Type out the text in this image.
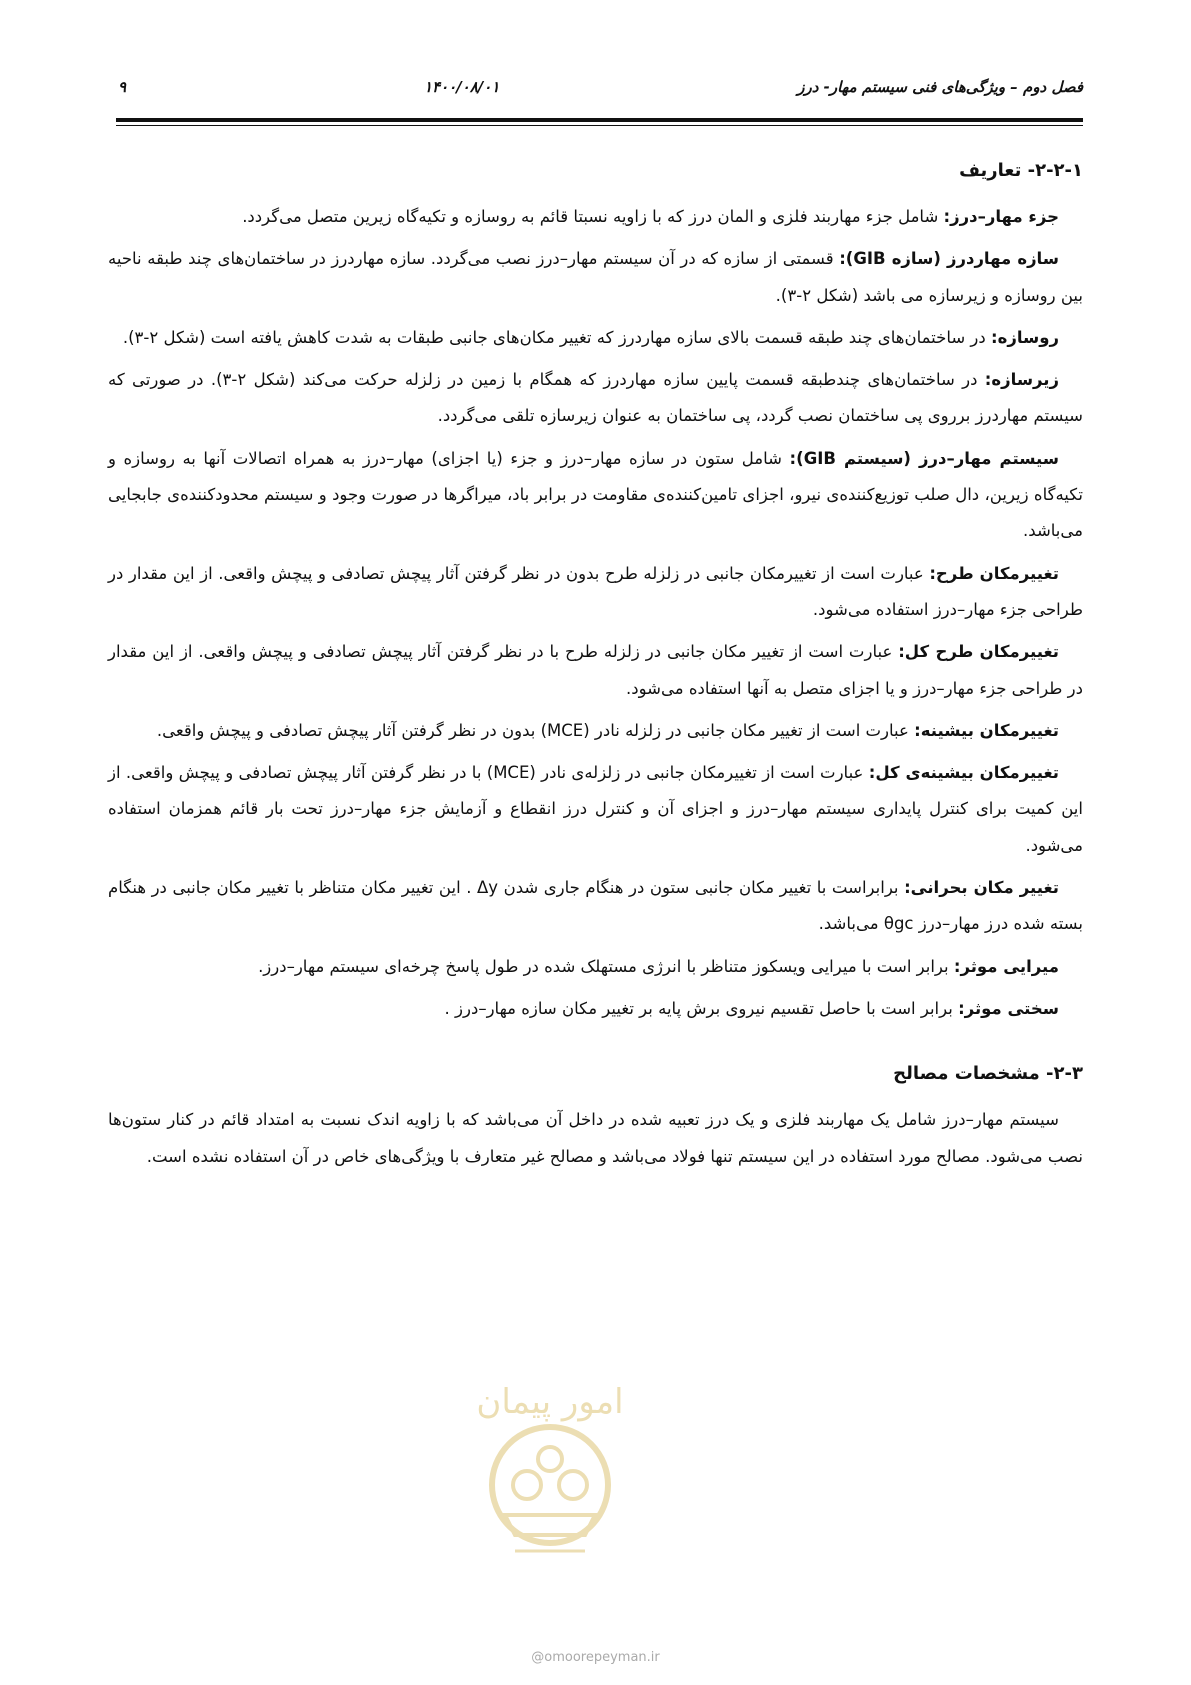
فصل دوم – ویژگی‌های فنی سیستم مهار- درز
۱۴۰۰/۰۸/۰۱
۹
۲-۲-۱- تعاریف

جزء مهار–درز: شامل جزء مهاربند فلزی و المان درز که با زاویه نسبتا قائم به روسازه و تکیه‌گاه زیرین متصل می‌گردد.

سازه مهاردرز (سازه GIB): قسمتی از سازه که در آن سیستم مهار–درز نصب می‌گردد. سازه مهاردرز در ساختمان‌های چند طبقه ناحیه بین روسازه و زیرسازه می باشد (شکل ۲-۳).

روسازه: در ساختمان‌های چند طبقه قسمت بالای سازه مهاردرز که تغییر مکان‌های جانبی طبقات به شدت کاهش یافته است (شکل ۲-۳).

زیرسازه: در ساختمان‌های چندطبقه قسمت پایین سازه مهاردرز که همگام با زمین در زلزله حرکت می‌کند (شکل ۲-۳). در صورتی که سیستم مهاردرز برروی پی ساختمان نصب گردد، پی ساختمان به عنوان زیرسازه تلقی می‌گردد.

سیستم مهار–درز (سیستم GIB): شامل ستون در سازه مهار–درز و جزء (یا اجزای) مهار–درز به همراه اتصالات آنها به روسازه و تکیه‌گاه زیرین، دال صلب توزیع‌کننده‌ی نیرو، اجزای تامین‌کننده‌ی مقاومت در برابر باد، میراگرها در صورت وجود و سیستم محدودکننده‌ی جابجایی می‌باشد.

تغییرمکان طرح: عبارت است از تغییرمکان جانبی در زلزله طرح بدون در نظر گرفتن آثار پیچش تصادفی و پیچش واقعی. از این مقدار در طراحی جزء مهار–درز استفاده می‌شود.

تغییرمکان طرح کل: عبارت است از تغییر مکان جانبی در زلزله طرح با در نظر گرفتن آثار پیچش تصادفی و پیچش واقعی. از این مقدار در طراحی جزء مهار–درز و یا اجزای متصل به آنها استفاده می‌شود.

تغییرمکان بیشینه: عبارت است از تغییر مکان جانبی در زلزله نادر (MCE) بدون در نظر گرفتن آثار پیچش تصادفی و پیچش واقعی.

تغییرمکان بیشینه‌ی کل: عبارت است از تغییرمکان جانبی در زلزله‌ی نادر (MCE) با در نظر گرفتن آثار پیچش تصادفی و پیچش واقعی. از این کمیت برای کنترل پایداری سیستم مهار–درز و اجزای آن و کنترل درز انقطاع و آزمایش جزء مهار–درز تحت بار قائم همزمان استفاده می‌شود.

تغییر مکان بحرانی: برابراست با تغییر مکان جانبی ستون در هنگام جاری شدن Δy . این تغییر مکان متناظر با تغییر مکان جانبی در هنگام بسته شده درز مهار–درز θgc می‌باشد.

میرایی موثر: برابر است با میرایی ویسکوز متناظر با انرژی مستهلک شده در طول پاسخ چرخه‌ای سیستم مهار–درز.

سختی موثر: برابر است با حاصل تقسیم نیروی برش پایه بر تغییر مکان سازه مهار–درز .

۲-۳- مشخصات مصالح

سیستم مهار–درز شامل یک مهاربند فلزی و یک درز تعبیه شده در داخل آن می‌باشد که با زاویه اندک نسبت به امتداد قائم در کنار ستون‌ها نصب می‌شود. مصالح مورد استفاده در این سیستم تنها فولاد می‌باشد و مصالح غیر متعارف با ویژگی‌های خاص در آن استفاده نشده است.

امور پیمان
@omoorepeyman.ir
